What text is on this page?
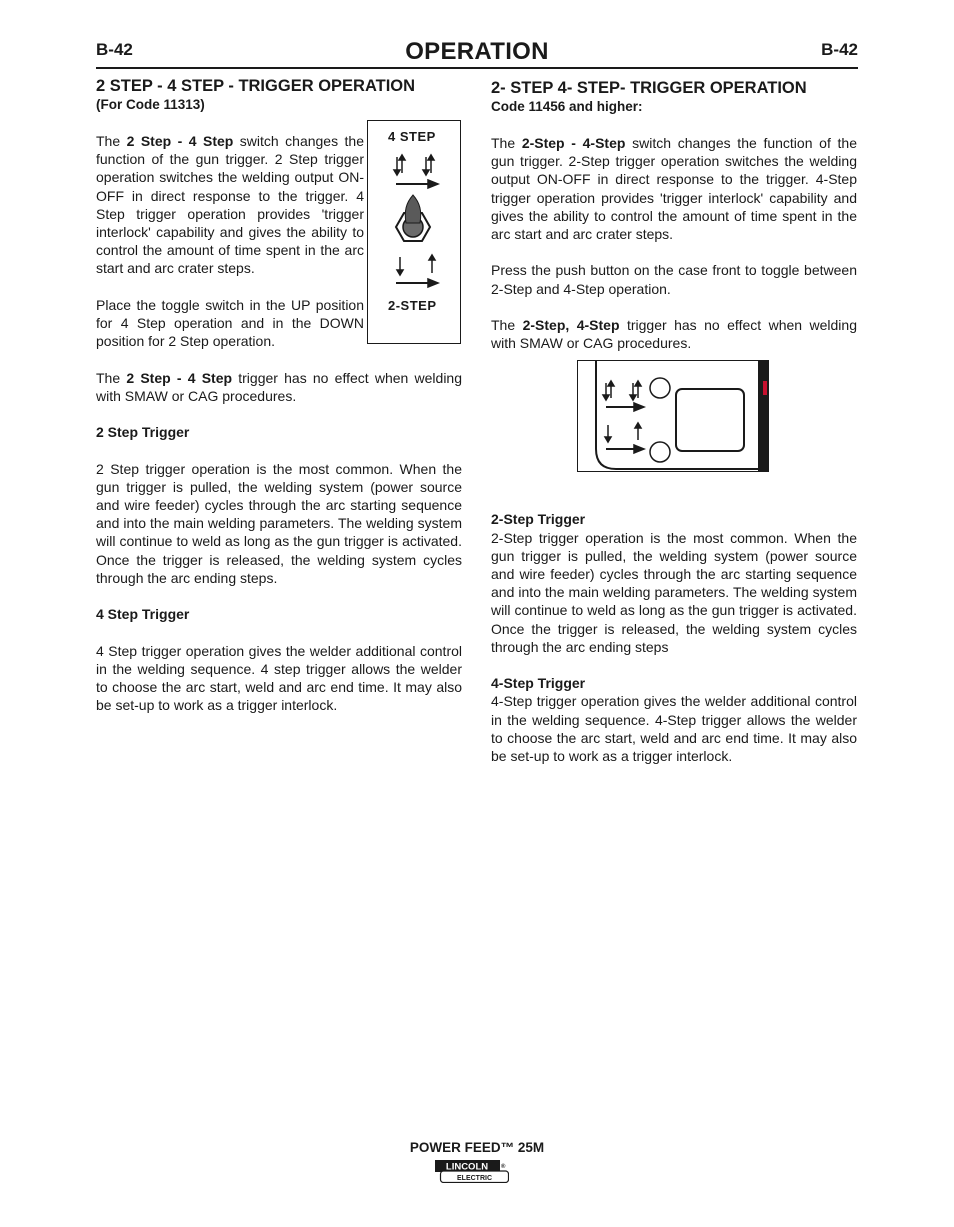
B-42	OPERATION	B-42
2 STEP - 4 STEP - TRIGGER OPERATION
(For Code 11313)

The 2 Step - 4 Step switch changes the function of the gun trigger. 2 Step trigger operation switches the welding output ON-OFF in direct response to the trigger. 4 Step trigger operation provides 'trigger interlock' capability and gives the ability to control the amount of time spent in the arc start and arc crater steps.

Place the toggle switch in the UP position for 4 Step operation and in the DOWN position for 2 Step operation.

The 2 Step - 4 Step trigger has no effect when welding with SMAW or CAG procedures.

2 Step Trigger

2 Step trigger operation is the most common. When the gun trigger is pulled, the welding system (power source and wire feeder) cycles through the arc starting sequence and into the main welding parameters. The welding system will continue to weld as long as the gun trigger is activated. Once the trigger is released, the welding system cycles through the arc ending steps.

4 Step Trigger

4 Step trigger operation gives the welder additional control in the welding sequence. 4 step trigger allows the welder to choose the arc start, weld and arc end time. It may also be set-up to work as a trigger interlock.

4 STEP
2-STEP
2- STEP 4- STEP- TRIGGER OPERATION
Code 11456 and higher:

The 2-Step - 4-Step switch changes the function of the gun trigger. 2-Step trigger operation switches the welding output ON-OFF in direct response to the trigger. 4-Step trigger operation provides 'trigger interlock' capability and gives the ability to control the amount of time spent in the arc start and arc crater steps.

Press the push button on the case front to toggle between 2-Step and 4-Step operation.

The 2-Step, 4-Step trigger has no effect when welding with SMAW or CAG procedures.

2-Step Trigger

2-Step trigger operation is the most common. When the gun trigger is pulled, the welding system (power source and wire feeder) cycles through the arc starting sequence and into the main welding parameters. The welding system will continue to weld as long as the gun trigger is activated. Once the trigger is released, the welding system cycles through the arc ending steps

4-Step Trigger

4-Step trigger operation gives the welder additional control in the welding sequence. 4-Step trigger allows the welder to choose the arc start, weld and arc end time. It may also be set-up to work as a trigger interlock.

POWER FEED™ 25M
LINCOLN ®
ELECTRIC
